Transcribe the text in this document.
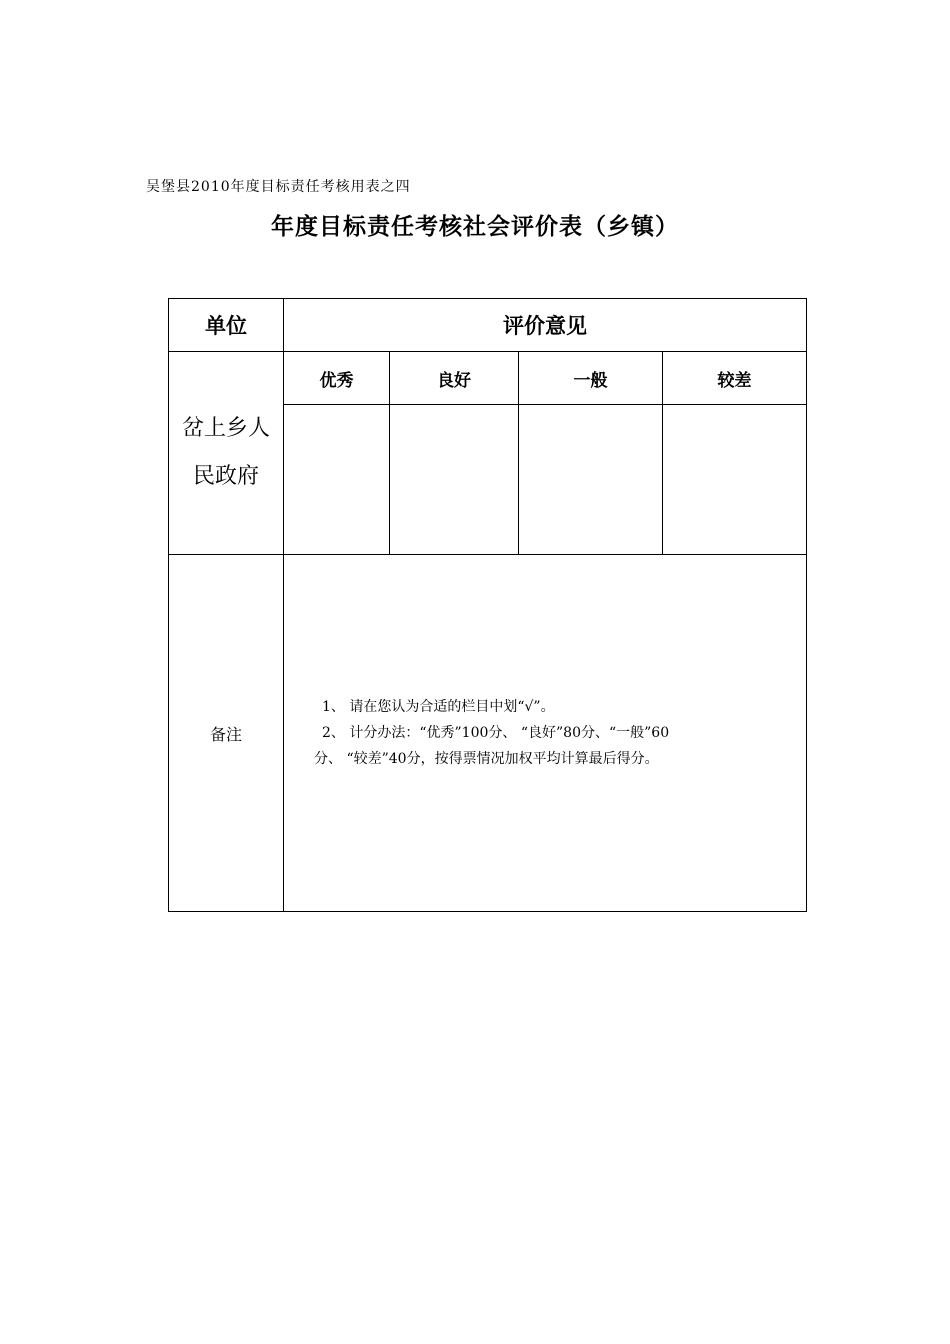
吴堡县2010年度目标责任考核用表之四
年度目标责任考核社会评价表（乡镇）
单位	评价意见			

岔上乡人
民政府	优秀	良好	一般	较差

备注	1、 请在您认为合适的栏目中划“√”。
2、 计分办法：“优秀”100分、 “良好”80分、“一般”60
分、 “较差”40分，按得票情况加权平均计算最后得分。			
